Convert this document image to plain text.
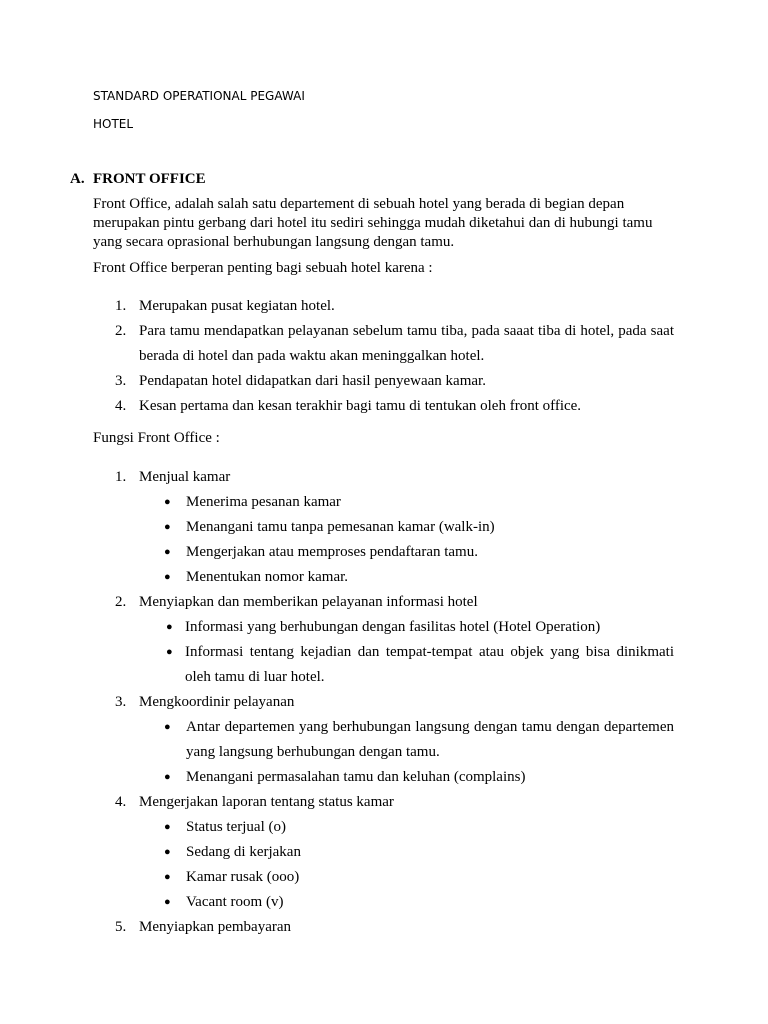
STANDARD OPERATIONAL PEGAWAI
HOTEL
A. FRONT OFFICE

Front Office, adalah salah satu departement di sebuah hotel yang berada di begian depan merupakan pintu gerbang dari hotel itu sediri sehingga mudah diketahui dan di hubungi tamu yang secara oprasional berhubungan langsung dengan tamu.

Front Office berperan penting bagi sebuah hotel karena :

1. Merupakan pusat kegiatan hotel.
2. Para tamu mendapatkan pelayanan sebelum tamu tiba, pada saaat tiba di hotel, pada saat berada di hotel dan pada waktu akan meninggalkan hotel.
3. Pendapatan hotel didapatkan dari hasil penyewaan kamar.
4. Kesan pertama dan kesan terakhir bagi tamu di tentukan oleh front office.

Fungsi Front Office :

1. Menjual kamar
● Menerima pesanan kamar
● Menangani tamu tanpa pemesanan kamar (walk-in)
● Mengerjakan atau memproses pendaftaran tamu.
● Menentukan nomor kamar.
2. Menyiapkan dan memberikan pelayanan informasi hotel
● Informasi yang berhubungan dengan fasilitas hotel (Hotel Operation)
● Informasi tentang kejadian dan tempat-tempat atau objek yang bisa dinikmati oleh tamu di luar hotel.
3. Mengkoordinir pelayanan
● Antar departemen yang berhubungan langsung dengan tamu dengan departemen yang langsung berhubungan dengan tamu.
● Menangani permasalahan tamu dan keluhan (complains)
4. Mengerjakan laporan tentang status kamar
● Status terjual (o)
● Sedang di kerjakan
● Kamar rusak (ooo)
● Vacant room (v)
5. Menyiapkan pembayaran
